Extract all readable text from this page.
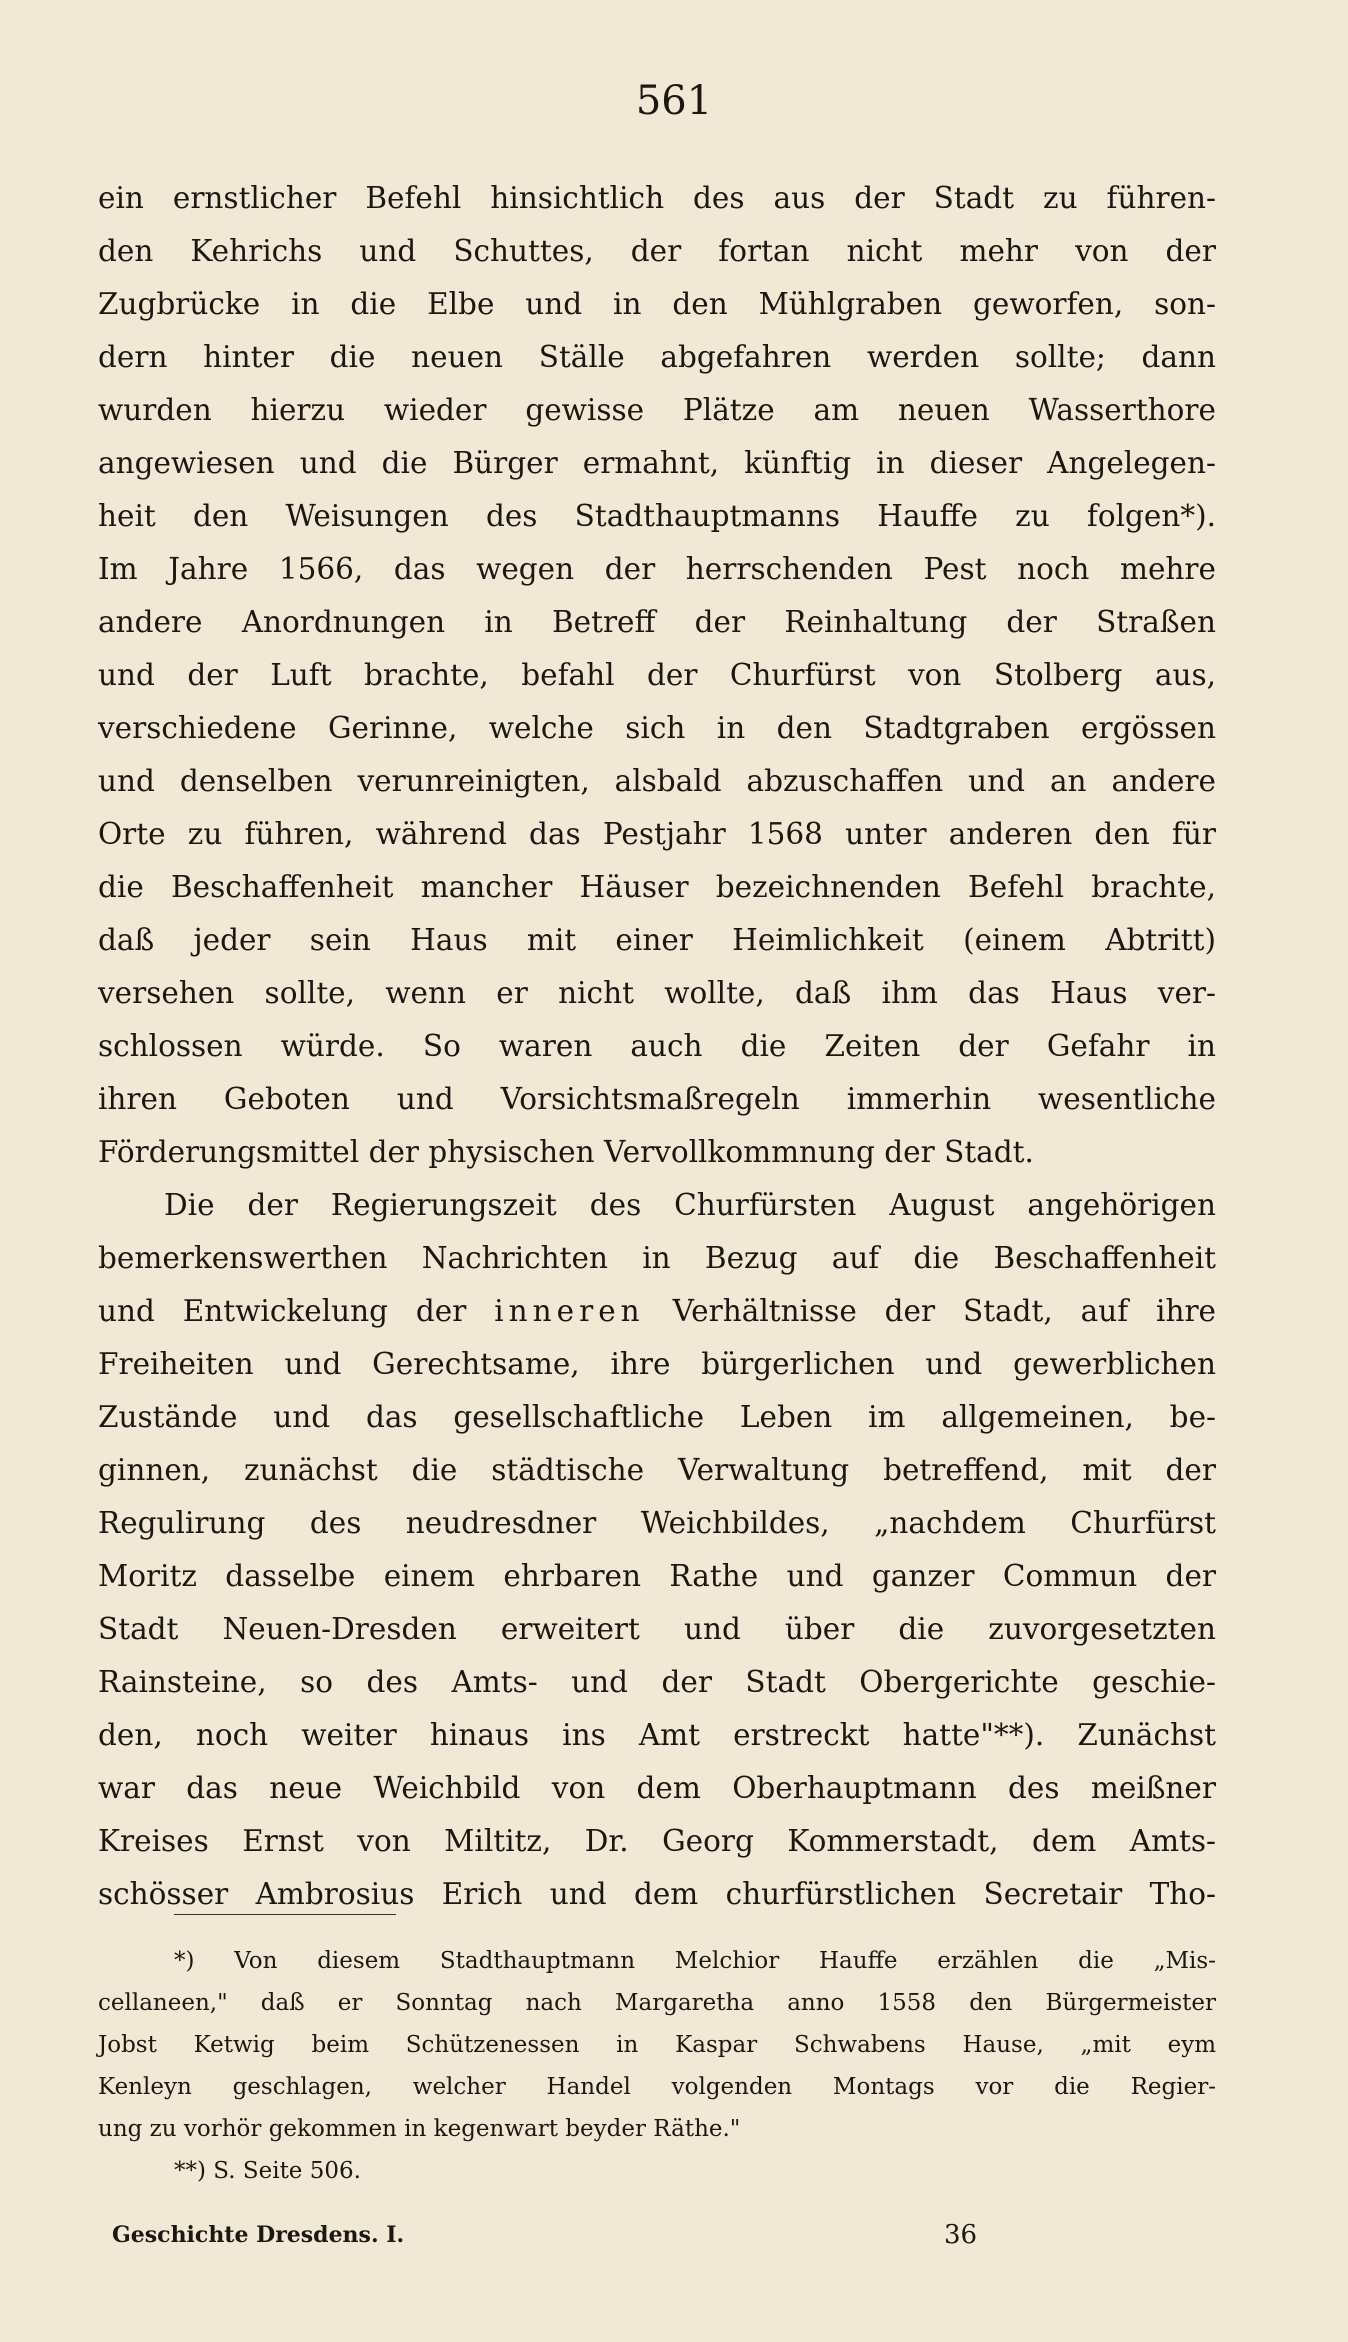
561
ein ernstlicher Befehl hinsichtlich des aus der Stadt zu führen-
den Kehrichs und Schuttes, der fortan nicht mehr von der
Zugbrücke in die Elbe und in den Mühlgraben geworfen, son-
dern hinter die neuen Ställe abgefahren werden sollte; dann
wurden hierzu wieder gewisse Plätze am neuen Wasserthore
angewiesen und die Bürger ermahnt, künftig in dieser Angelegen-
heit den Weisungen des Stadthauptmanns Hauffe zu folgen*).
Im Jahre 1566, das wegen der herrschenden Pest noch mehre
andere Anordnungen in Betreff der Reinhaltung der Straßen
und der Luft brachte, befahl der Churfürst von Stolberg aus,
verschiedene Gerinne, welche sich in den Stadtgraben ergössen
und denselben verunreinigten, alsbald abzuschaffen und an andere
Orte zu führen, während das Pestjahr 1568 unter anderen den für
die Beschaffenheit mancher Häuser bezeichnenden Befehl brachte,
daß jeder sein Haus mit einer Heimlichkeit (einem Abtritt)
versehen sollte, wenn er nicht wollte, daß ihm das Haus ver-
schlossen würde. So waren auch die Zeiten der Gefahr in
ihren Geboten und Vorsichtsmaßregeln immerhin wesentliche
Förderungsmittel der physischen Vervollkommnung der Stadt.
Die der Regierungszeit des Churfürsten August angehörigen
bemerkenswerthen Nachrichten in Bezug auf die Beschaffenheit
und Entwickelung der inneren Verhältnisse der Stadt, auf ihre
Freiheiten und Gerechtsame, ihre bürgerlichen und gewerblichen
Zustände und das gesellschaftliche Leben im allgemeinen, be-
ginnen, zunächst die städtische Verwaltung betreffend, mit der
Regulirung des neudresdner Weichbildes, „nachdem Churfürst
Moritz dasselbe einem ehrbaren Rathe und ganzer Commun der
Stadt Neuen-Dresden erweitert und über die zuvorgesetzten
Rainsteine, so des Amts- und der Stadt Obergerichte geschie-
den, noch weiter hinaus ins Amt erstreckt hatte"**). Zunächst
war das neue Weichbild von dem Oberhauptmann des meißner
Kreises Ernst von Miltitz, Dr. Georg Kommerstadt, dem Amts-
schösser Ambrosius Erich und dem churfürstlichen Secretair Tho-
*) Von diesem Stadthauptmann Melchior Hauffe erzählen die „Mis-
cellaneen," daß er Sonntag nach Margaretha anno 1558 den Bürgermeister
Jobst Ketwig beim Schützenessen in Kaspar Schwabens Hause, „mit eym
Kenleyn geschlagen, welcher Handel volgenden Montags vor die Regier-
ung zu vorhör gekommen in kegenwart beyder Räthe."
**) S. Seite 506.
Geschichte Dresdens. I.	36
